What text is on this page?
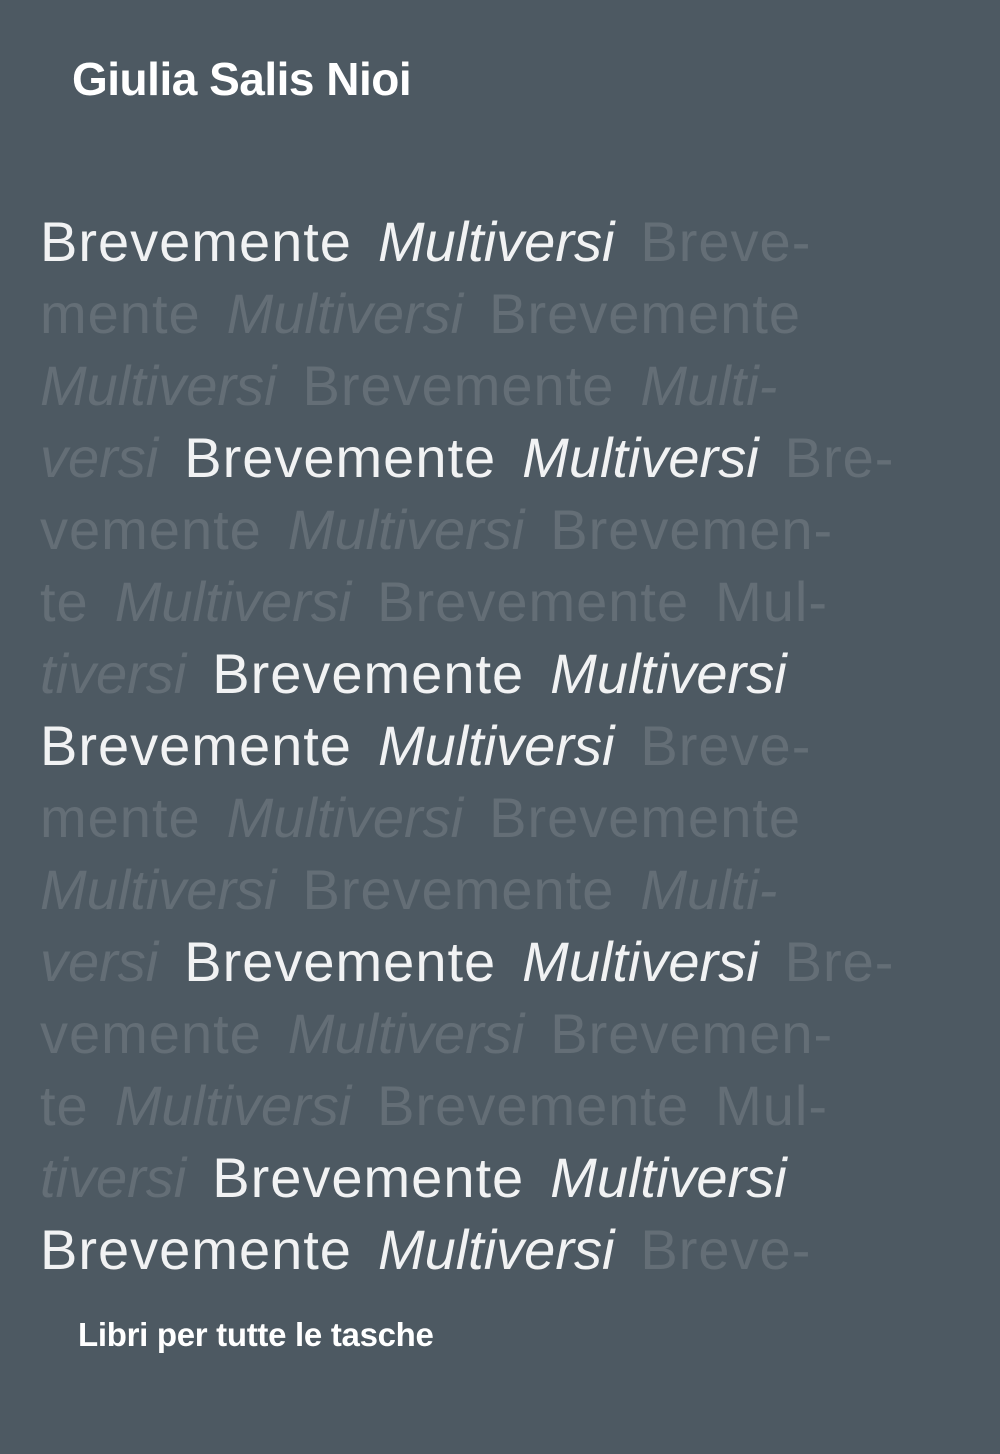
Giulia Salis Nioi
Brevemente Multiversi Breve-
mente Multiversi Brevemente
Multiversi Brevemente Multi-
versi Brevemente Multiversi Bre-
vemente Multiversi Brevemen-
te Multiversi Brevemente Mul-
tiversi Brevemente Multiversi
Brevemente Multiversi Breve-
mente Multiversi Brevemente
Multiversi Brevemente Multi-
versi Brevemente Multiversi Bre-
vemente Multiversi Brevemen-
te Multiversi Brevemente Mul-
tiversi Brevemente Multiversi
Brevemente Multiversi Breve-
Libri per tutte le tasche
